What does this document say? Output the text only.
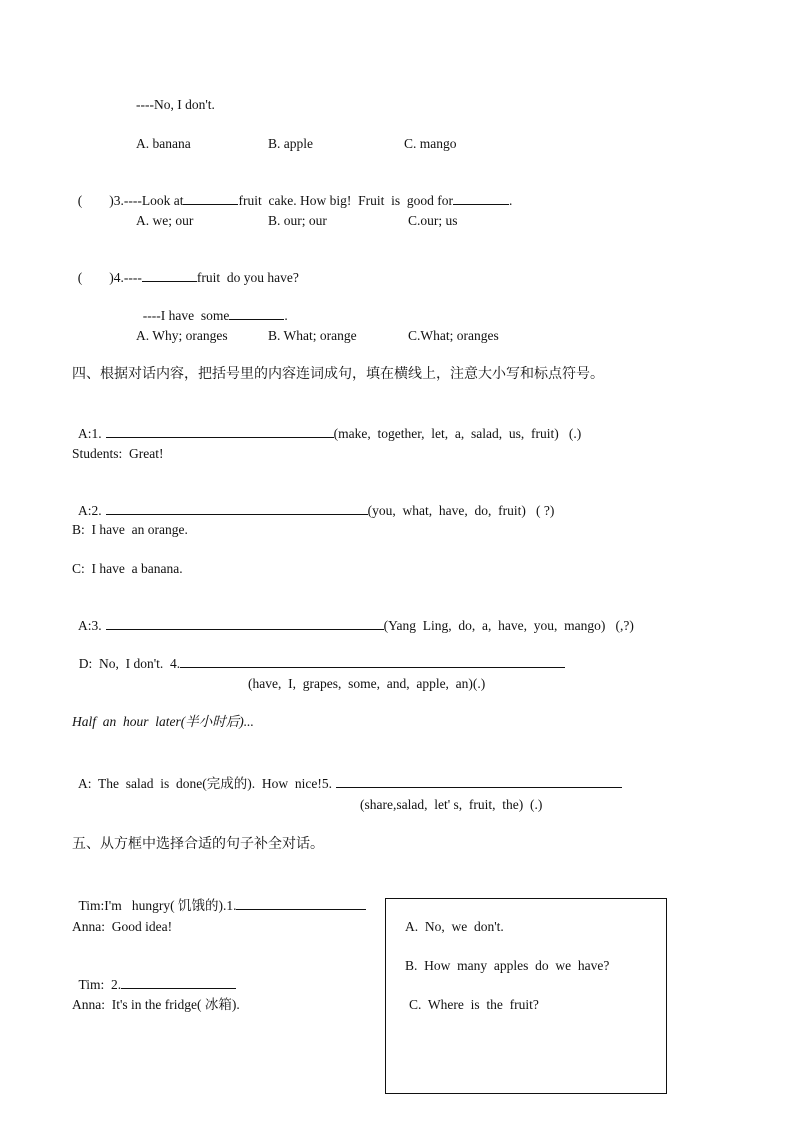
----No, I don't.
A. banana	B. apple	C. mango

(        )3.----Look at	fruit  cake. How big!  Fruit  is  good for	.

A. we; our	B. our; our	C.our; us

(        )4.----	fruit  do you have?

----I have  some	.

A. Why; oranges	B. What; orange	C.What; oranges
四、根据对话内容，把括号里的内容连词成句，填在横线上，注意大小写和标点符号。

A:1.	(make,  together,  let,  a,  salad,  us,  fruit)   (.)

Students:  Great!

A:2.	(you,  what,  have,  do,  fruit)   ( ?)

B:  I have  an orange.
C:  I have  a banana.

A:3.	(Yang  Ling,  do,  a,  have,  you,  mango)   (,?)

D:  No,  I don't.  4.

(have,  I,  grapes,  some,  and,  apple,  an)(.)
Half  an  hour  later(半小时后)...

A:  The  salad  is  done(完成的).  How  nice!5.

(share,salad,  let' s,  fruit,  the)  (.)
五、从方框中选择合适的句子补全对话。

Tim:I'm   hungry( 饥饿的).1.

Anna:  Good idea!

Tim:  2.

Anna:  It's in the fridge( 冰箱).
A.  No,  we  don't.
B.  How  many  apples  do  we  have?
C.  Where  is  the  fruit?
